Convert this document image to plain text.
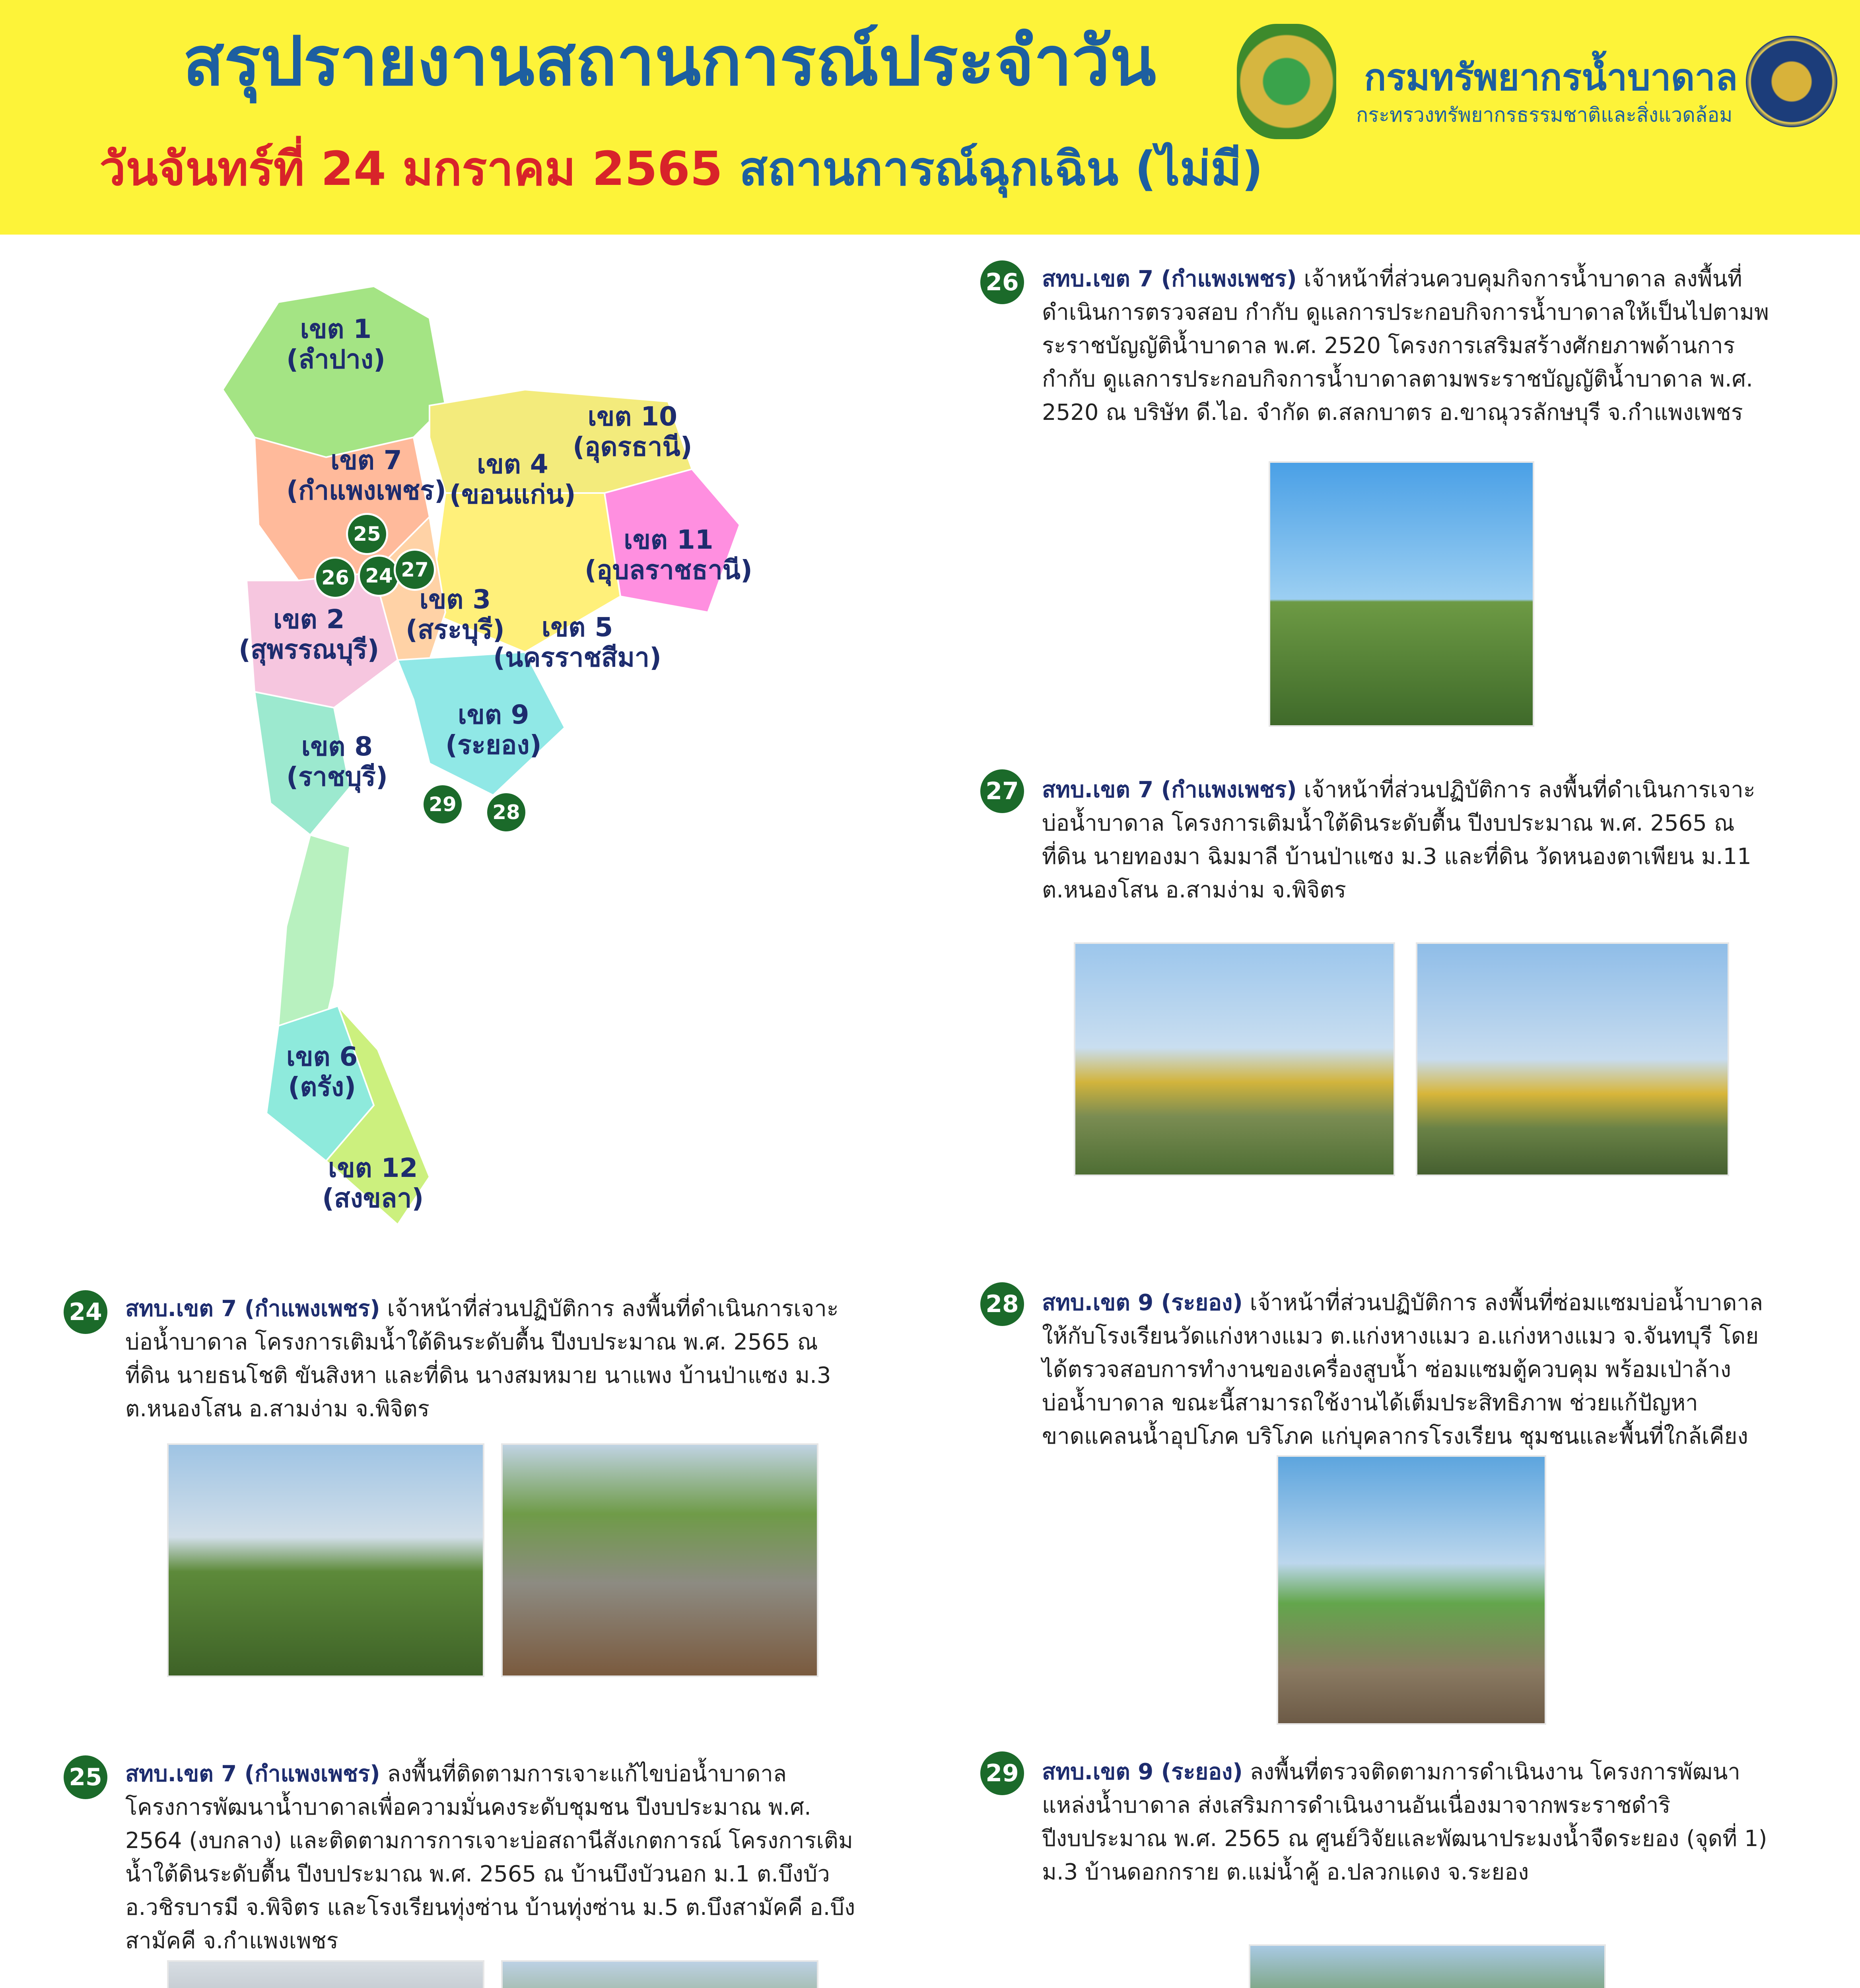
สรุปรายงานสถานการณ์ประจำวัน
วันจันทร์ที่ 24 มกราคม 2565 สถานการณ์ฉุกเฉิน (ไม่มี)
กรมทรัพยากรน้ำบาดาล
กระทรวงทรัพยากรธรรมชาติและสิ่งแวดล้อม
เขต 1
(ลำปาง)
เขต 10
(อุดรธานี)
เขต 7
(กำแพงเพชร)
เขต 4
(ขอนแก่น)
เขต 11
(อุบลราชธานี)
เขต 3
(สระบุรี)
เขต 2
(สุพรรณบุรี)
เขต 5
(นครราชสีมา)
เขต 9
(ระยอง)
เขต 8
(ราชบุรี)
เขต 6
(ตรัง)
เขต 12
(สงขลา)
25
26 24 27
29	28
26	สทบ.เขต 7 (กำแพงเพชร) เจ้าหน้าที่ส่วนควบคุมกิจการน้ำบาดาล ลงพื้นที่ดำเนินการตรวจสอบ กำกับ ดูแลการประกอบกิจการน้ำบาดาลให้เป็นไปตามพระราชบัญญัติน้ำบาดาล พ.ศ. 2520 โครงการเสริมสร้างศักยภาพด้านการกำกับ ดูแลการประกอบกิจการน้ำบาดาลตามพระราชบัญญัติน้ำบาดาล พ.ศ. 2520 ณ บริษัท ดี.ไอ. จำกัด ต.สลกบาตร อ.ขาณุวรลักษบุรี จ.กำแพงเพชร
27	สทบ.เขต 7 (กำแพงเพชร) เจ้าหน้าที่ส่วนปฏิบัติการ ลงพื้นที่ดำเนินการเจาะบ่อน้ำบาดาล โครงการเติมน้ำใต้ดินระดับตื้น ปีงบประมาณ พ.ศ. 2565 ณ ที่ดิน นายทองมา ฉิมมาลี บ้านป่าแซง ม.3 และที่ดิน วัดหนองตาเพียน ม.11 ต.หนองโสน อ.สามง่าม จ.พิจิตร
24	สทบ.เขต 7 (กำแพงเพชร) เจ้าหน้าที่ส่วนปฏิบัติการ ลงพื้นที่ดำเนินการเจาะบ่อน้ำบาดาล โครงการเติมน้ำใต้ดินระดับตื้น ปีงบประมาณ พ.ศ. 2565 ณ ที่ดิน นายธนโชติ ขันสิงหา และที่ดิน นางสมหมาย นาแพง บ้านป่าแซง ม.3 ต.หนองโสน อ.สามง่าม จ.พิจิตร
28	สทบ.เขต 9 (ระยอง) เจ้าหน้าที่ส่วนปฏิบัติการ ลงพื้นที่ซ่อมแซมบ่อน้ำบาดาล ให้กับโรงเรียนวัดแก่งหางแมว ต.แก่งหางแมว อ.แก่งหางแมว จ.จันทบุรี โดยได้ตรวจสอบการทำงานของเครื่องสูบน้ำ ซ่อมแซมตู้ควบคุม พร้อมเป่าล้างบ่อน้ำบาดาล ขณะนี้สามารถใช้งานได้เต็มประสิทธิภาพ ช่วยแก้ปัญหาขาดแคลนน้ำอุปโภค บริโภค แก่บุคลากรโรงเรียน ชุมชนและพื้นที่ใกล้เคียง
25	สทบ.เขต 7 (กำแพงเพชร) ลงพื้นที่ติดตามการเจาะแก้ไขบ่อน้ำบาดาล โครงการพัฒนาน้ำบาดาลเพื่อความมั่นคงระดับชุมชน ปีงบประมาณ พ.ศ. 2564 (งบกลาง) และติดตามการการเจาะบ่อสถานีสังเกตการณ์ โครงการเติมน้ำใต้ดินระดับตื้น ปีงบประมาณ พ.ศ. 2565 ณ บ้านบึงบัวนอก ม.1 ต.บึงบัว อ.วชิรบารมี จ.พิจิตร และโรงเรียนทุ่งซ่าน บ้านทุ่งซ่าน ม.5 ต.บึงสามัคคี อ.บึงสามัคคี จ.กำแพงเพชร
29	สทบ.เขต 9 (ระยอง) ลงพื้นที่ตรวจติดตามการดำเนินงาน โครงการพัฒนาแหล่งน้ำบาดาล ส่งเสริมการดำเนินงานอันเนื่องมาจากพระราชดำริ ปีงบประมาณ พ.ศ. 2565 ณ ศูนย์วิจัยและพัฒนาประมงน้ำจืดระยอง (จุดที่ 1) ม.3 บ้านดอกกราย ต.แม่น้ำคู้ อ.ปลวกแดง จ.ระยอง
